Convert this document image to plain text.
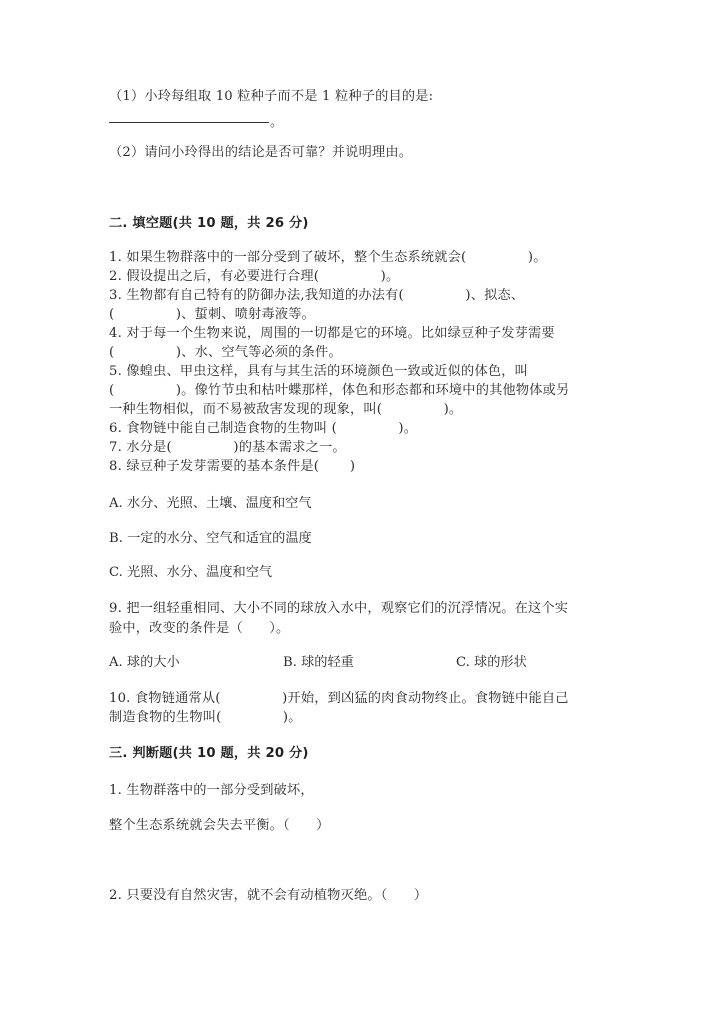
（1）小玲每组取 10 粒种子而不是 1 粒种子的目的是:
。
（2）请问小玲得出的结论是否可靠？并说明理由。
二. 填空题(共 10 题，共 26 分)
1. 如果生物群落中的一部分受到了破坏，整个生态系统就会(              )。
2. 假设提出之后，有必要进行合理(              )。
3. 生物都有自己特有的防御办法,我知道的办法有(              )、拟态、
(              )、蜇刺、喷射毒液等。
4. 对于每一个生物来说，周围的一切都是它的环境。比如绿豆种子发芽需要
(              )、水、空气等必须的条件。
5. 像蝗虫、甲虫这样，具有与其生活的环境颜色一致或近似的体色，叫
(              )。像竹节虫和枯叶蝶那样，体色和形态都和环境中的其他物体或另
一种生物相似，而不易被敌害发现的现象，叫(              )。
6. 食物链中能自己制造食物的生物叫 (              )。
7. 水分是(              )的基本需求之一。
8. 绿豆种子发芽需要的基本条件是(       )
A. 水分、光照、土壤、温度和空气
B. 一定的水分、空气和适宜的温度
C. 光照、水分、温度和空气
9. 把一组轻重相同、大小不同的球放入水中，观察它们的沉浮情况。在这个实
验中，改变的条件是（      ）。
A. 球的大小	B. 球的轻重	C. 球的形状
10. 食物链通常从(              )开始，到凶猛的肉食动物终止。食物链中能自己
制造食物的生物叫(              )。
三. 判断题(共 10 题，共 20 分)
1. 生物群落中的一部分受到破坏，
整个生态系统就会失去平衡。（      ）
2. 只要没有自然灾害，就不会有动植物灭绝。（      ）
